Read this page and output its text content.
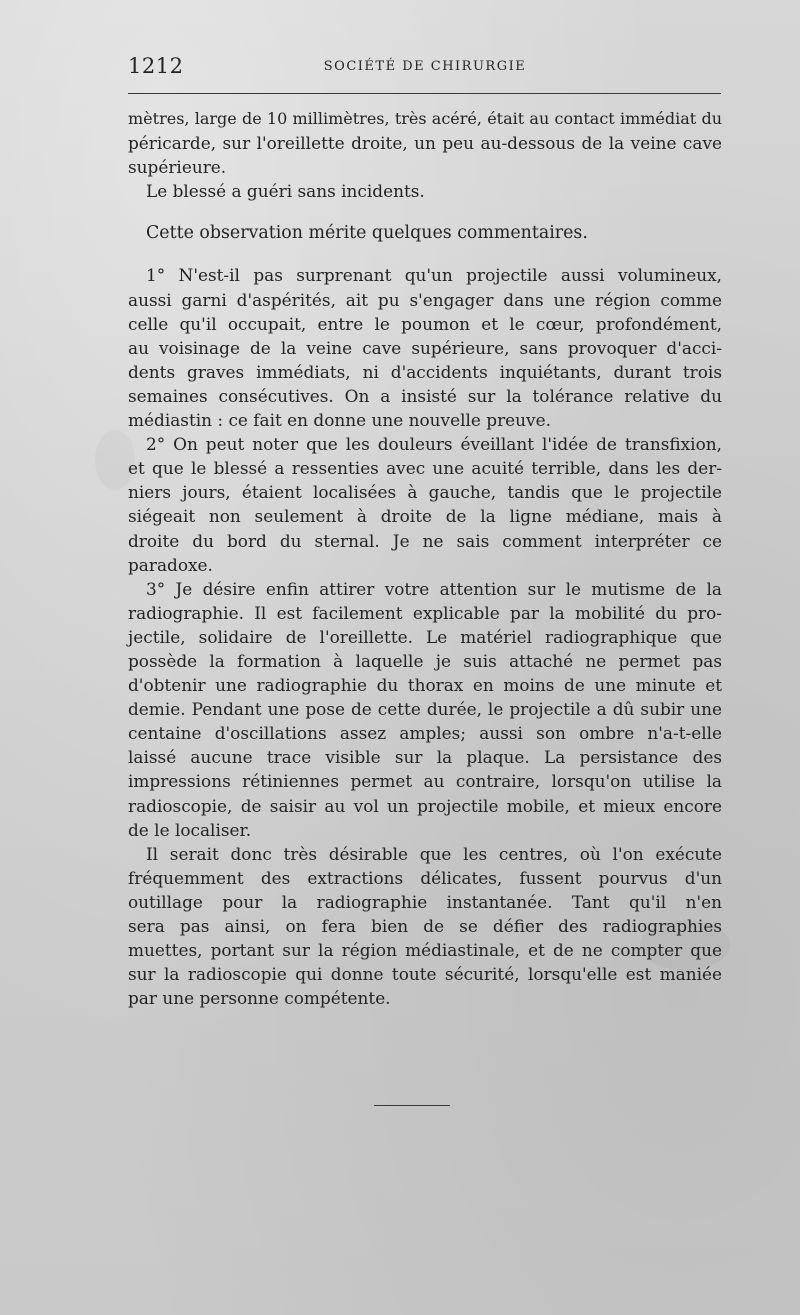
1212	SOCIÉTÉ DE CHIRURGIE
mètres, large de 10 millimètres, très acéré, était au contact immédiat du
péricarde, sur l'oreillette droite, un peu au-dessous de la veine cave
supérieure.
Le blessé a guéri sans incidents.
Cette observation mérite quelques commentaires.
1° N'est-il pas surprenant qu'un projectile aussi volumineux,
aussi garni d'aspérités, ait pu s'engager dans une région comme
celle qu'il occupait, entre le poumon et le cœur, profondément,
au voisinage de la veine cave supérieure, sans provoquer d'acci-
dents graves immédiats, ni d'accidents inquiétants, durant trois
semaines consécutives. On a insisté sur la tolérance relative du
médiastin : ce fait en donne une nouvelle preuve.
2° On peut noter que les douleurs éveillant l'idée de transfixion,
et que le blessé a ressenties avec une acuité terrible, dans les der-
niers jours, étaient localisées à gauche, tandis que le projectile
siégeait non seulement à droite de la ligne médiane, mais à
droite du bord du sternal. Je ne sais comment interpréter ce
paradoxe.
3° Je désire enfin attirer votre attention sur le mutisme de la
radiographie. Il est facilement explicable par la mobilité du pro-
jectile, solidaire de l'oreillette. Le matériel radiographique que
possède la formation à laquelle je suis attaché ne permet pas
d'obtenir une radiographie du thorax en moins de une minute et
demie. Pendant une pose de cette durée, le projectile a dû subir une
centaine d'oscillations assez amples; aussi son ombre n'a-t-elle
laissé aucune trace visible sur la plaque. La persistance des
impressions rétiniennes permet au contraire, lorsqu'on utilise la
radioscopie, de saisir au vol un projectile mobile, et mieux encore
de le localiser.
Il serait donc très désirable que les centres, où l'on exécute
fréquemment des extractions délicates, fussent pourvus d'un
outillage pour la radiographie instantanée. Tant qu'il n'en
sera pas ainsi, on fera bien de se défier des radiographies
muettes, portant sur la région médiastinale, et de ne compter que
sur la radioscopie qui donne toute sécurité, lorsqu'elle est maniée
par une personne compétente.
